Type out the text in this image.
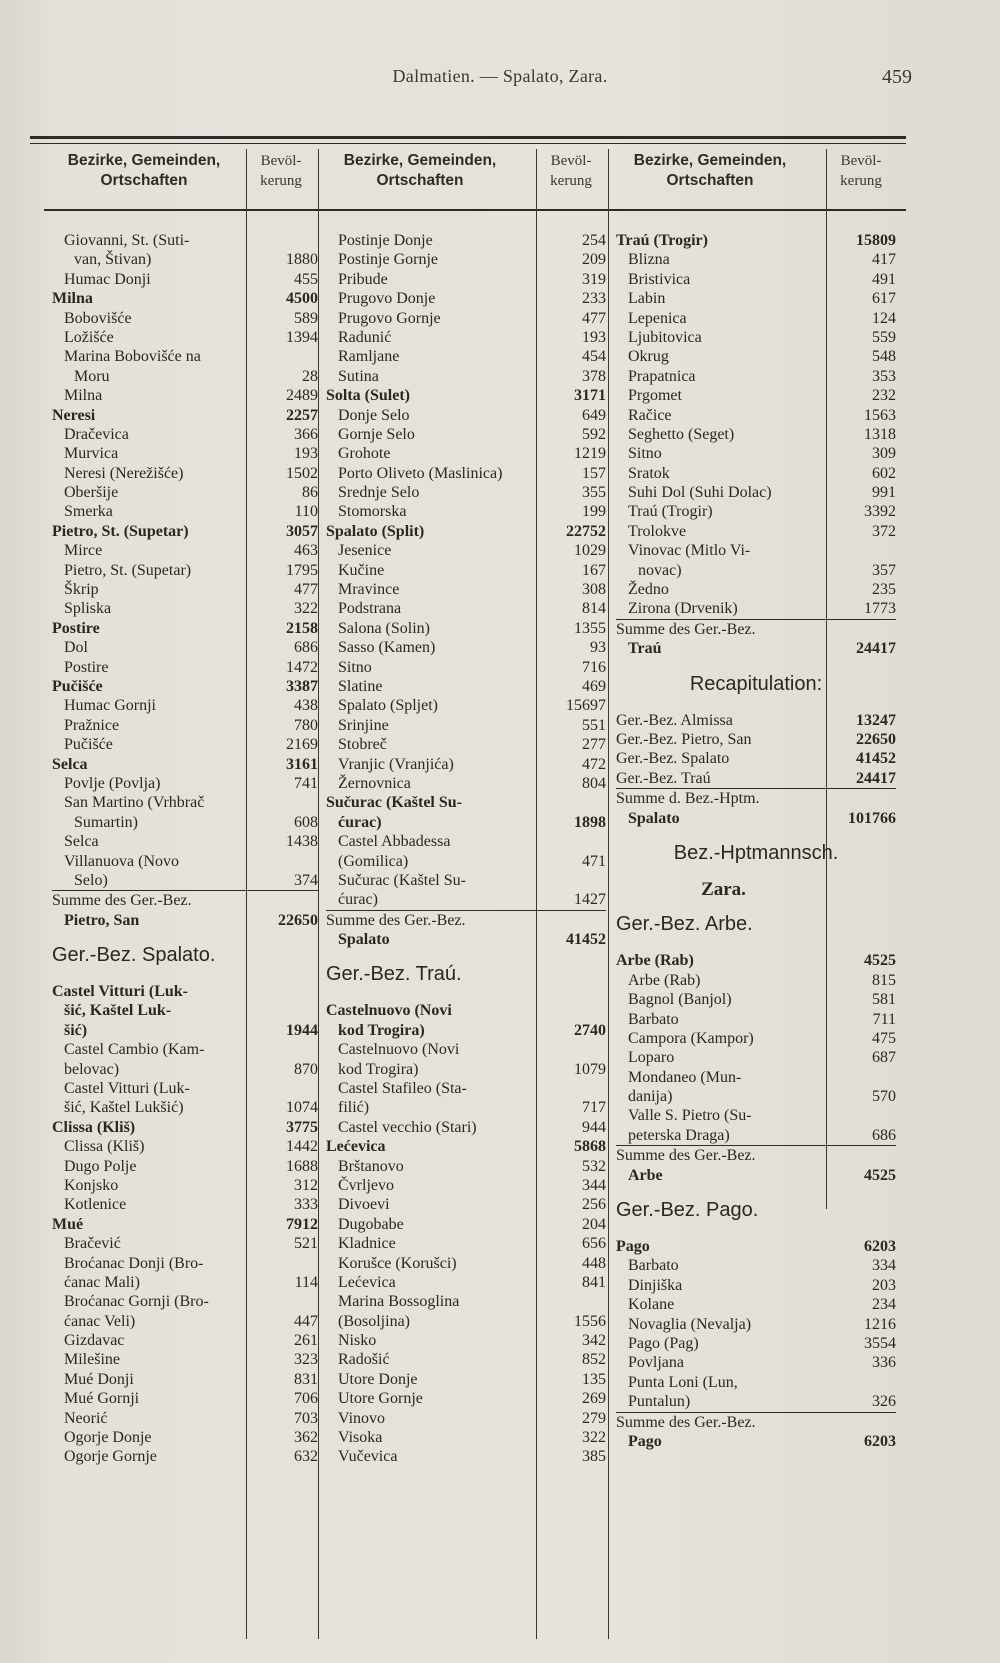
Dalmatien. — Spalato, Zara.	459
Bezirke, Gemeinden,
Ortschaften
Bevöl-
kerung
Bezirke, Gemeinden,
Ortschaften
Bevöl-
kerung
Bezirke, Gemeinden,
Ortschaften
Bevöl-
kerung
Giovanni, St. (Suti-
van, Štivan)	1880
Humac Donji	455
Milna	4500
Bobovišće	589
Ložišće	1394
Marina Bobovišće na
Moru	28
Milna	2489
Neresi	2257
Dračevica	366
Murvica	193
Neresi (Nerežišće)	1502
Oberšije	86
Smerka	110
Pietro, St. (Supetar)	3057
Mirce	463
Pietro, St. (Supetar)	1795
Škrip	477
Spliska	322
Postire	2158
Dol	686
Postire	1472
Pučišće	3387
Humac Gornji	438
Pražnice	780
Pučišće	2169
Selca	3161
Povlje (Povlja)	741
San Martino (Vrhbrač
Sumartin)	608
Selca	1438
Villanuova (Novo
Selo)	374
Summe des Ger.-Bez.
Pietro, San	22650
Ger.-Bez. Spalato.
Castel Vitturi (Luk-
šić, Kaštel Luk-
šić)	1944
Castel Cambio (Kam-
belovac)	870
Castel Vitturi (Luk-
šić, Kaštel Lukšić)	1074
Clissa (Kliš)	3775
Clissa (Kliš)	1442
Dugo Polje	1688
Konjsko	312
Kotlenice	333
Mué	7912
Bračević	521
Broćanac Donji (Bro-
ćanac Mali)	114
Broćanac Gornji (Bro-
ćanac Veli)	447
Gizdavac	261
Milešine	323
Mué Donji	831
Mué Gornji	706
Neorić	703
Ogorje Donje	362
Ogorje Gornje	632
Postinje Donje	254
Postinje Gornje	209
Pribude	319
Prugovo Donje	233
Prugovo Gornje	477
Radunić	193
Ramljane	454
Sutina	378
Solta (Sulet)	3171
Donje Selo	649
Gornje Selo	592
Grohote	1219
Porto Oliveto (Maslinica)	157
Srednje Selo	355
Stomorska	199
Spalato (Split)	22752
Jesenice	1029
Kučine	167
Mravince	308
Podstrana	814
Salona (Solin)	1355
Sasso (Kamen)	93
Sitno	716
Slatine	469
Spalato (Spljet)	15697
Srinjine	551
Stobreč	277
Vranjic (Vranjića)	472
Žernovnica	804
Sučurac (Kaštel Su-
ćurac)	1898
Castel Abbadessa
(Gomilica)	471
Sučurac (Kaštel Su-
ćurac)	1427
Summe des Ger.-Bez.
Spalato	41452
Ger.-Bez. Traú.
Castelnuovo (Novi
kod Trogira)	2740
Castelnuovo (Novi
kod Trogira)	1079
Castel Stafileo (Sta-
filić)	717
Castel vecchio (Stari)	944
Lećevica	5868
Brštanovo	532
Čvrljevo	344
Divoevi	256
Dugobabe	204
Kladnice	656
Korušce (Korušci)	448
Lećevica	841
Marina Bossoglina
(Bosoljina)	1556
Nisko	342
Radošić	852
Utore Donje	135
Utore Gornje	269
Vinovo	279
Visoka	322
Vučevica	385
Traú (Trogir)	15809
Blizna	417
Bristivica	491
Labin	617
Lepenica	124
Ljubitovica	559
Okrug	548
Prapatnica	353
Prgomet	232
Račice	1563
Seghetto (Seget)	1318
Sitno	309
Sratok	602
Suhi Dol (Suhi Dolac)	991
Traú (Trogir)	3392
Trolokve	372
Vinovac (Mitlo Vi-
novac)	357
Žedno	235
Zirona (Drvenik)	1773
Summe des Ger.-Bez.
Traú	24417
Recapitulation:
Ger.-Bez. Almissa	13247
Ger.-Bez. Pietro, San	22650
Ger.-Bez. Spalato	41452
Ger.-Bez. Traú	24417
Summe d. Bez.-Hptm.
Spalato	101766
Bez.-Hptmannsch.
Zara.
Ger.-Bez. Arbe.
Arbe (Rab)	4525
Arbe (Rab)	815
Bagnol (Banjol)	581
Barbato	711
Campora (Kampor)	475
Loparo	687
Mondaneo (Mun-
danija)	570
Valle S. Pietro (Su-
peterska Draga)	686
Summe des Ger.-Bez.
Arbe	4525
Ger.-Bez. Pago.
Pago	6203
Barbato	334
Dinjiška	203
Kolane	234
Novaglia (Nevalja)	1216
Pago (Pag)	3554
Povljana	336
Punta Loni (Lun,
Puntalun)	326
Summe des Ger.-Bez.
Pago	6203
